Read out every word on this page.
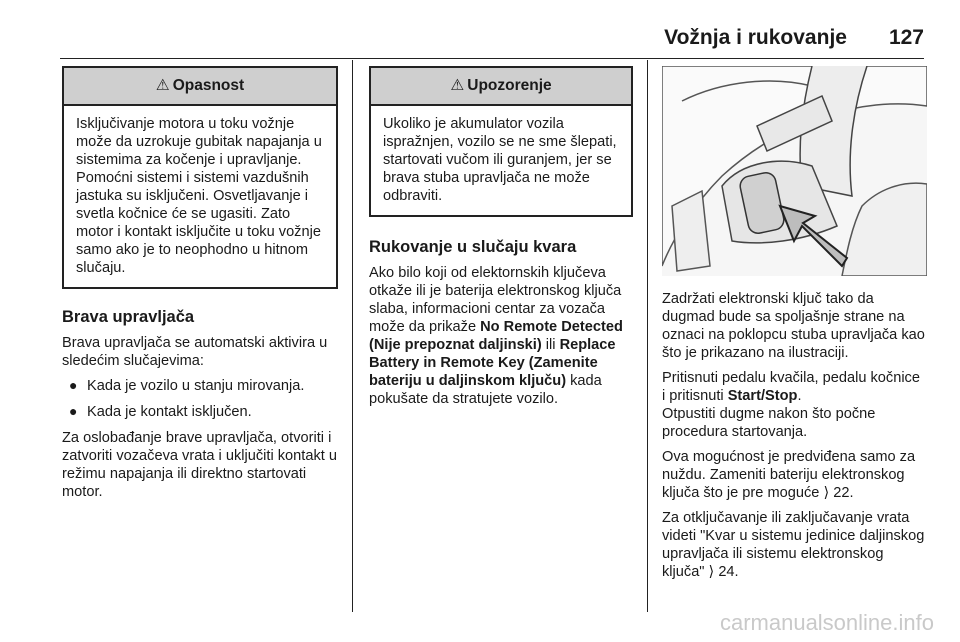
Vožnja i rukovanje 127
⚠ Opasnost
Isključivanje motora u toku vožnje može da uzrokuje gubitak napajanja u sistemima za kočenje i upravljanje. Pomoćni sistemi i sistemi vazdušnih jastuka su isključeni. Osvetljavanje i svetla kočnice će se ugasiti. Zato motor i kontakt isključite u toku vožnje samo ako je to neophodno u hitnom slučaju.
Brava upravljača

Brava upravljača se automatski aktivira u sledećim slučajevima:

● Kada je vozilo u stanju mirovanja.
● Kada je kontakt isključen.

Za oslobađanje brave upravljača, otvoriti i zatvoriti vozačeva vrata i uključiti kontakt u režimu napajanja ili direktno startovati motor.

⚠ Upozorenje
Ukoliko je akumulator vozila ispražnjen, vozilo se ne sme šlepati, startovati vučom ili guranjem, jer se brava stuba upravljača ne može odbraviti.
Rukovanje u slučaju kvara

Ako bilo koji od elektornskih ključeva otkaže ili je baterija elektronskog ključa slaba, informacioni centar za vozača može da prikaže No Remote Detected (Nije prepoznat daljinski) ili Replace Battery in Remote Key (Zamenite bateriju u daljinskom ključu) kada pokušate da stratujete vozilo.

Zadržati elektronski ključ tako da dugmad bude sa spoljašnje strane na oznaci na poklopcu stuba upravljača kao što je prikazano na ilustraciji.

Pritisnuti pedalu kvačila, pedalu kočnice i pritisnuti Start/Stop.
Otpustiti dugme nakon što počne procedura startovanja.

Ova mogućnost je predviđena samo za nuždu. Zameniti bateriju elektronskog ključa što je pre moguće ⟩ 22.

Za otključavanje ili zaključavanje vrata videti "Kvar u sistemu jedinice daljinskog upravljača ili sistemu elektronskog ključa" ⟩ 24.

carmanualsonline.info
